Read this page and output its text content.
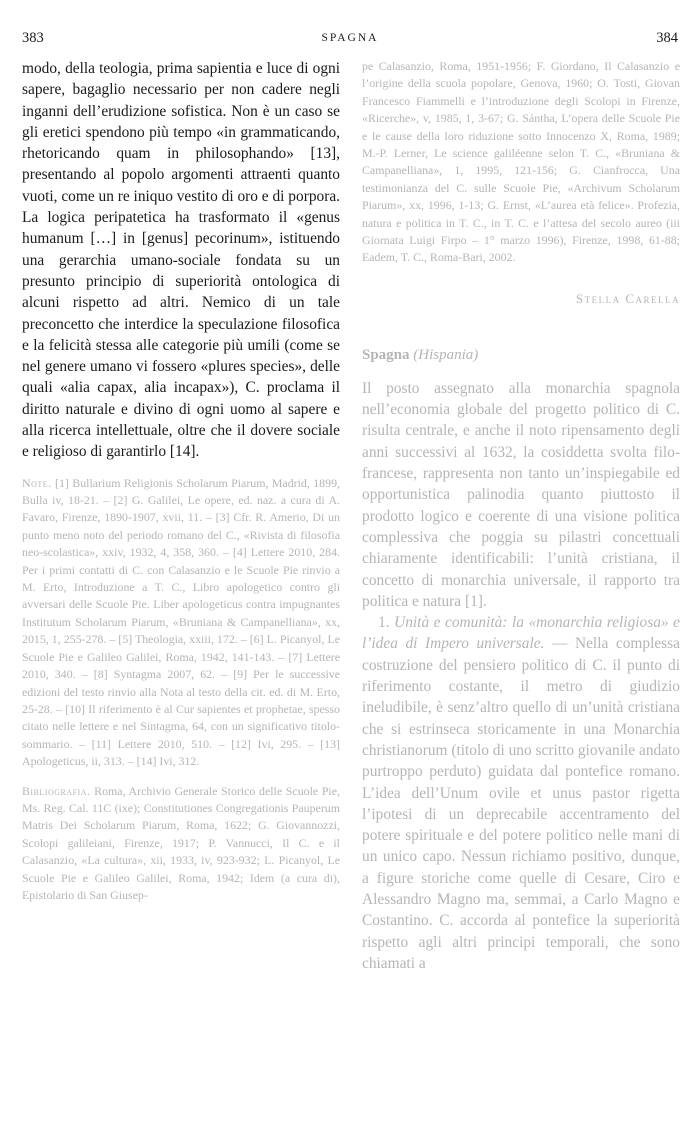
383	SPAGNA	384

modo, della teologia, prima sapientia e luce di ogni sapere, bagaglio necessario per non cadere negli inganni dell’erudizione sofistica. Non è un caso se gli eretici spendono più tempo «in grammaticando, rhetoricando quam in philosophando» [13], presentando al popolo argomenti attraenti quanto vuoti, come un re iniquo vestito di oro e di porpora. La logica peripatetica ha trasformato il «genus humanum […] in [genus] pecorinum», istituendo una gerarchia umano-sociale fondata su un presunto principio di superiorità ontologica di alcuni rispetto ad altri. Nemico di un tale preconcetto che interdice la speculazione filosofica e la felicità stessa alle categorie più umili (come se nel genere umano vi fossero «plures species», delle quali «alia capax, alia incapax»), C. proclama il diritto naturale e divino di ogni uomo al sapere e alla ricerca intellettuale, oltre che il dovere sociale e religioso di garantirlo [14].

Note. [1] Bullarium Religionis Scholarum Piarum, Madrid, 1899, Bulla iv, 18-21. – [2] G. Galilei, Le opere, ed. naz. a cura di A. Favaro, Firenze, 1890-1907, xvii, 11. – [3] Cfr. R. Amerio, Di un punto meno noto del periodo romano del C., «Rivista di filosofia neo-scolastica», xxiv, 1932, 4, 358, 360. – [4] Lettere 2010, 284. Per i primi contatti di C. con Calasanzio e le Scuole Pie rinvio a M. Erto, Introduzione a T. C., Libro apologetico contro gli avversari delle Scuole Pie. Liber apologeticus contra impugnantes Institutum Scholarum Piarum, «Bruniana & Campanelliana», xx, 2015, 1, 255-278. – [5] Theologia, xxiii, 172. – [6] L. Picanyol, Le Scuole Pie e Galileo Galilei, Roma, 1942, 141-143. – [7] Lettere 2010, 340. – [8] Syntagma 2007, 62. – [9] Per le successive edizioni del testo rinvio alla Nota al testo della cit. ed. di M. Erto, 25-28. – [10] Il riferimento è al Cur sapientes et prophetae, spesso citato nelle lettere e nel Sintagma, 64, con un significativo titolo-sommario. – [11] Lettere 2010, 510. – [12] Ivi, 295. – [13] Apologeticus, ii, 313. – [14] Ivi, 312.

Bibliografia. Roma, Archivio Generale Storico delle Scuole Pie, Ms. Reg. Cal. 11C (ixe); Constitutiones Congregationis Pauperum Matris Dei Scholarum Piarum, Roma, 1622; G. Giovannozzi, Scolopi galileiani, Firenze, 1917; P. Vannucci, Il C. e il Calasanzio, «La cultura», xii, 1933, iv, 923-932; L. Picanyol, Le Scuole Pie e Galileo Galilei, Roma, 1942; Idem (a cura di), Epistolario di San Giusep-

pe Calasanzio, Roma, 1951-1956; F. Giordano, Il Calasanzio e l’origine della scuola popolare, Genova, 1960; O. Tosti, Giovan Francesco Fiammelli e l’introduzione degli Scolopi in Firenze, «Ricerche», v, 1985, 1, 3-67; G. Sántha, L’opera delle Scuole Pie e le cause della loro riduzione sotto Innocenzo X, Roma, 1989; M.-P. Lerner, Le science galiléenne selon T. C., «Bruniana & Campanelliana», 1, 1995, 121-156; G. Cianfrocca, Una testimonianza del C. sulle Scuole Pie, «Archivum Scholarum Piarum», xx, 1996, 1-13; G. Ernst, «L’aurea età felice». Profezia, natura e politica in T. C., in T. C. e l’attesa del secolo aureo (iii Giornata Luigi Firpo – 1° marzo 1996), Firenze, 1998, 61-88; Eadem, T. C., Roma-Bari, 2002.

Stella Carella

Spagna (Hispania)

Il posto assegnato alla monarchia spagnola nell’economia globale del progetto politico di C. risulta centrale, e anche il noto ripensamento degli anni successivi al 1632, la cosiddetta svolta filo-francese, rappresenta non tanto un’inspiegabile ed opportunistica palinodia quanto piuttosto il prodotto logico e coerente di una visione politica complessiva che poggia su pilastri concettuali chiaramente identificabili: l’unità cristiana, il concetto di monarchia universale, il rapporto tra politica e natura [1].

1. Unità e comunità: la «monarchia religiosa» e l’idea di Impero universale. — Nella complessa costruzione del pensiero politico di C. il punto di riferimento costante, il metro di giudizio ineludibile, è senz’altro quello di un’unità cristiana che si estrinseca storicamente in una Monarchia christianorum (titolo di uno scritto giovanile andato purtroppo perduto) guidata dal pontefice romano. L’idea dell’Unum ovile et unus pastor rigetta l’ipotesi di un deprecabile accentramento del potere spirituale e del potere politico nelle mani di un unico capo. Nessun richiamo positivo, dunque, a figure storiche come quelle di Cesare, Ciro e Alessandro Magno ma, semmai, a Carlo Magno e Costantino. C. accorda al pontefice la superiorità rispetto agli altri principi temporali, che sono chiamati a
